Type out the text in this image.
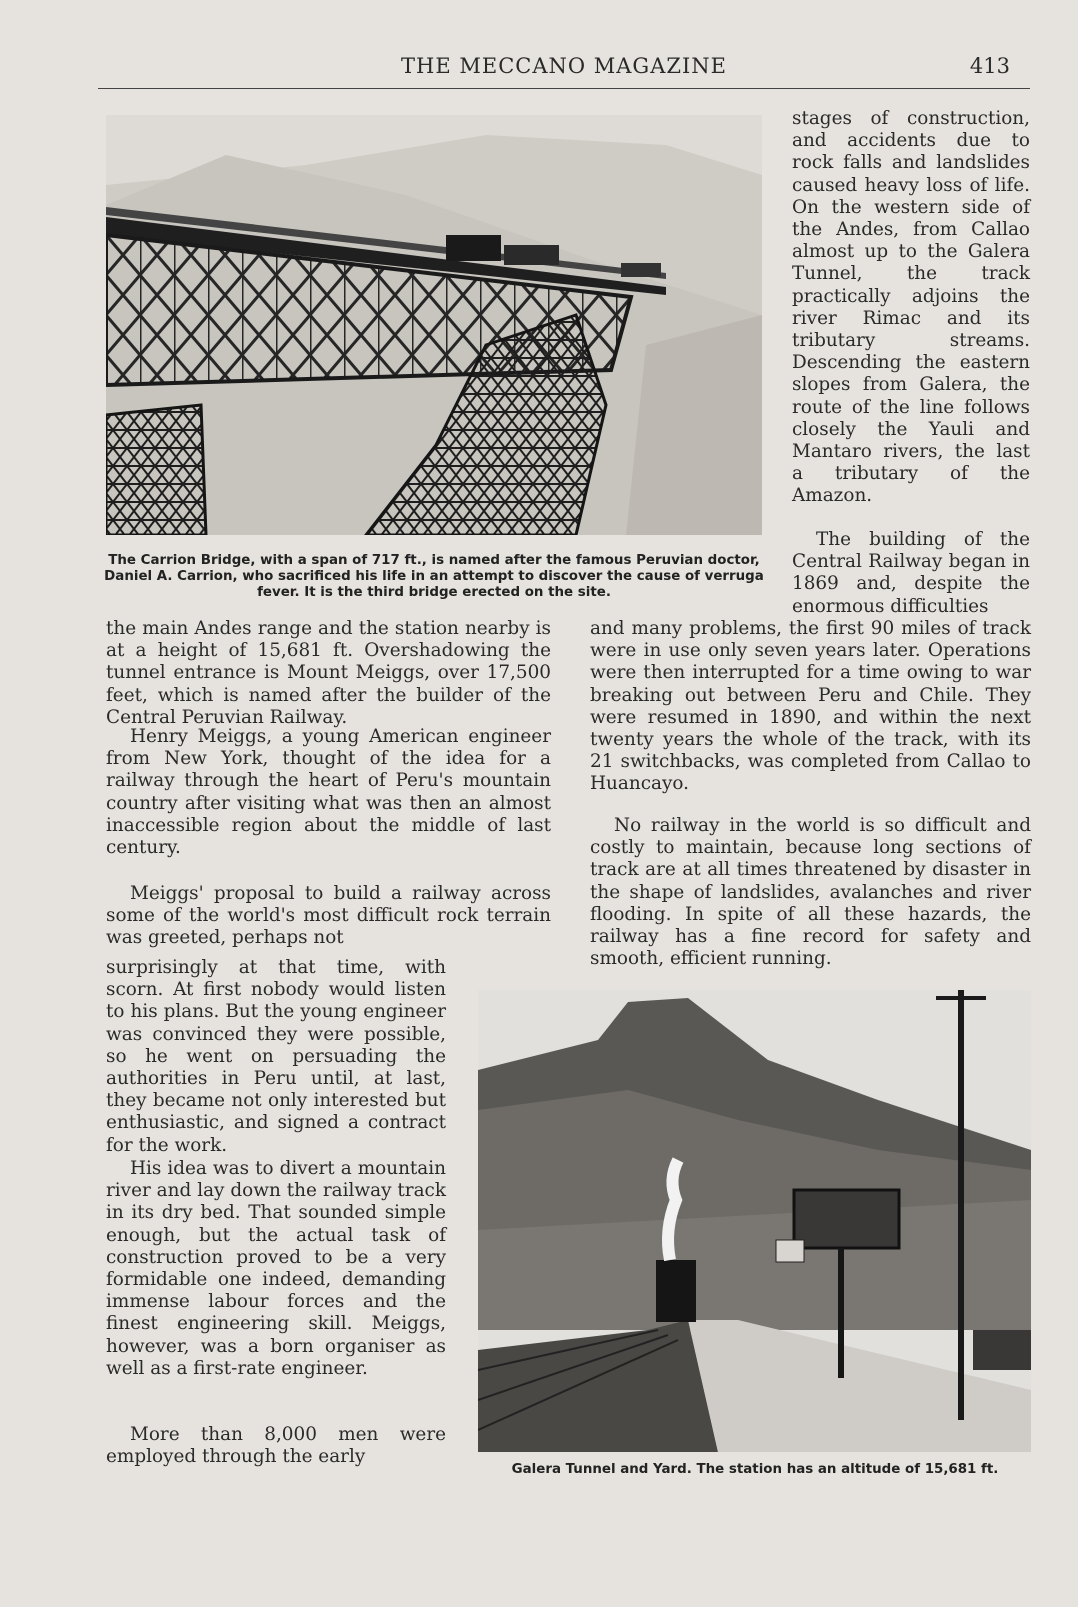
THE MECCANO MAGAZINE	413
The Carrion Bridge, with a span of 717 ft., is named after the famous Peruvian doctor, Daniel A. Carrion, who sacrificed his life in an attempt to discover the cause of verruga fever. It is the third bridge erected on the site.
Galera Tunnel and Yard. The station has an altitude of 15,681 ft.

stages of construction, and accidents due to rock falls and landslides caused heavy loss of life. On the western side of the Andes, from Callao almost up to the Galera Tunnel, the track practically adjoins the river Rimac and its tributary streams. Descending the eastern slopes from Galera, the route of the line follows closely the Yauli and Mantaro rivers, the last a tributary of the Amazon.

The building of the Central Railway began in 1869 and, despite the enormous difficulties

and many problems, the first 90 miles of track were in use only seven years later. Operations were then interrupted for a time owing to war breaking out between Peru and Chile. They were resumed in 1890, and within the next twenty years the whole of the track, with its 21 switchbacks, was completed from Callao to Huancayo.

No railway in the world is so difficult and costly to maintain, because long sections of track are at all times threatened by disaster in the shape of landslides, avalanches and river flooding. In spite of all these hazards, the railway has a fine record for safety and smooth, efficient running.

the main Andes range and the station nearby is at a height of 15,681 ft. Overshadowing the tunnel entrance is Mount Meiggs, over 17,500 feet, which is named after the builder of the Central Peruvian Railway.

Henry Meiggs, a young American engineer from New York, thought of the idea for a railway through the heart of Peru's mountain country after visiting what was then an almost inaccessible region about the middle of last century.

Meiggs' proposal to build a railway across some of the world's most difficult rock terrain was greeted, perhaps not

surprisingly at that time, with scorn. At first nobody would listen to his plans. But the young engineer was convinced they were possible, so he went on persuading the authorities in Peru until, at last, they became not only interested but enthusiastic, and signed a contract for the work.

His idea was to divert a mountain river and lay down the railway track in its dry bed. That sounded simple enough, but the actual task of construction proved to be a very formidable one indeed, demanding immense labour forces and the finest engineering skill. Meiggs, however, was a born organiser as well as a first-rate engineer.

More than 8,000 men were employed through the early
